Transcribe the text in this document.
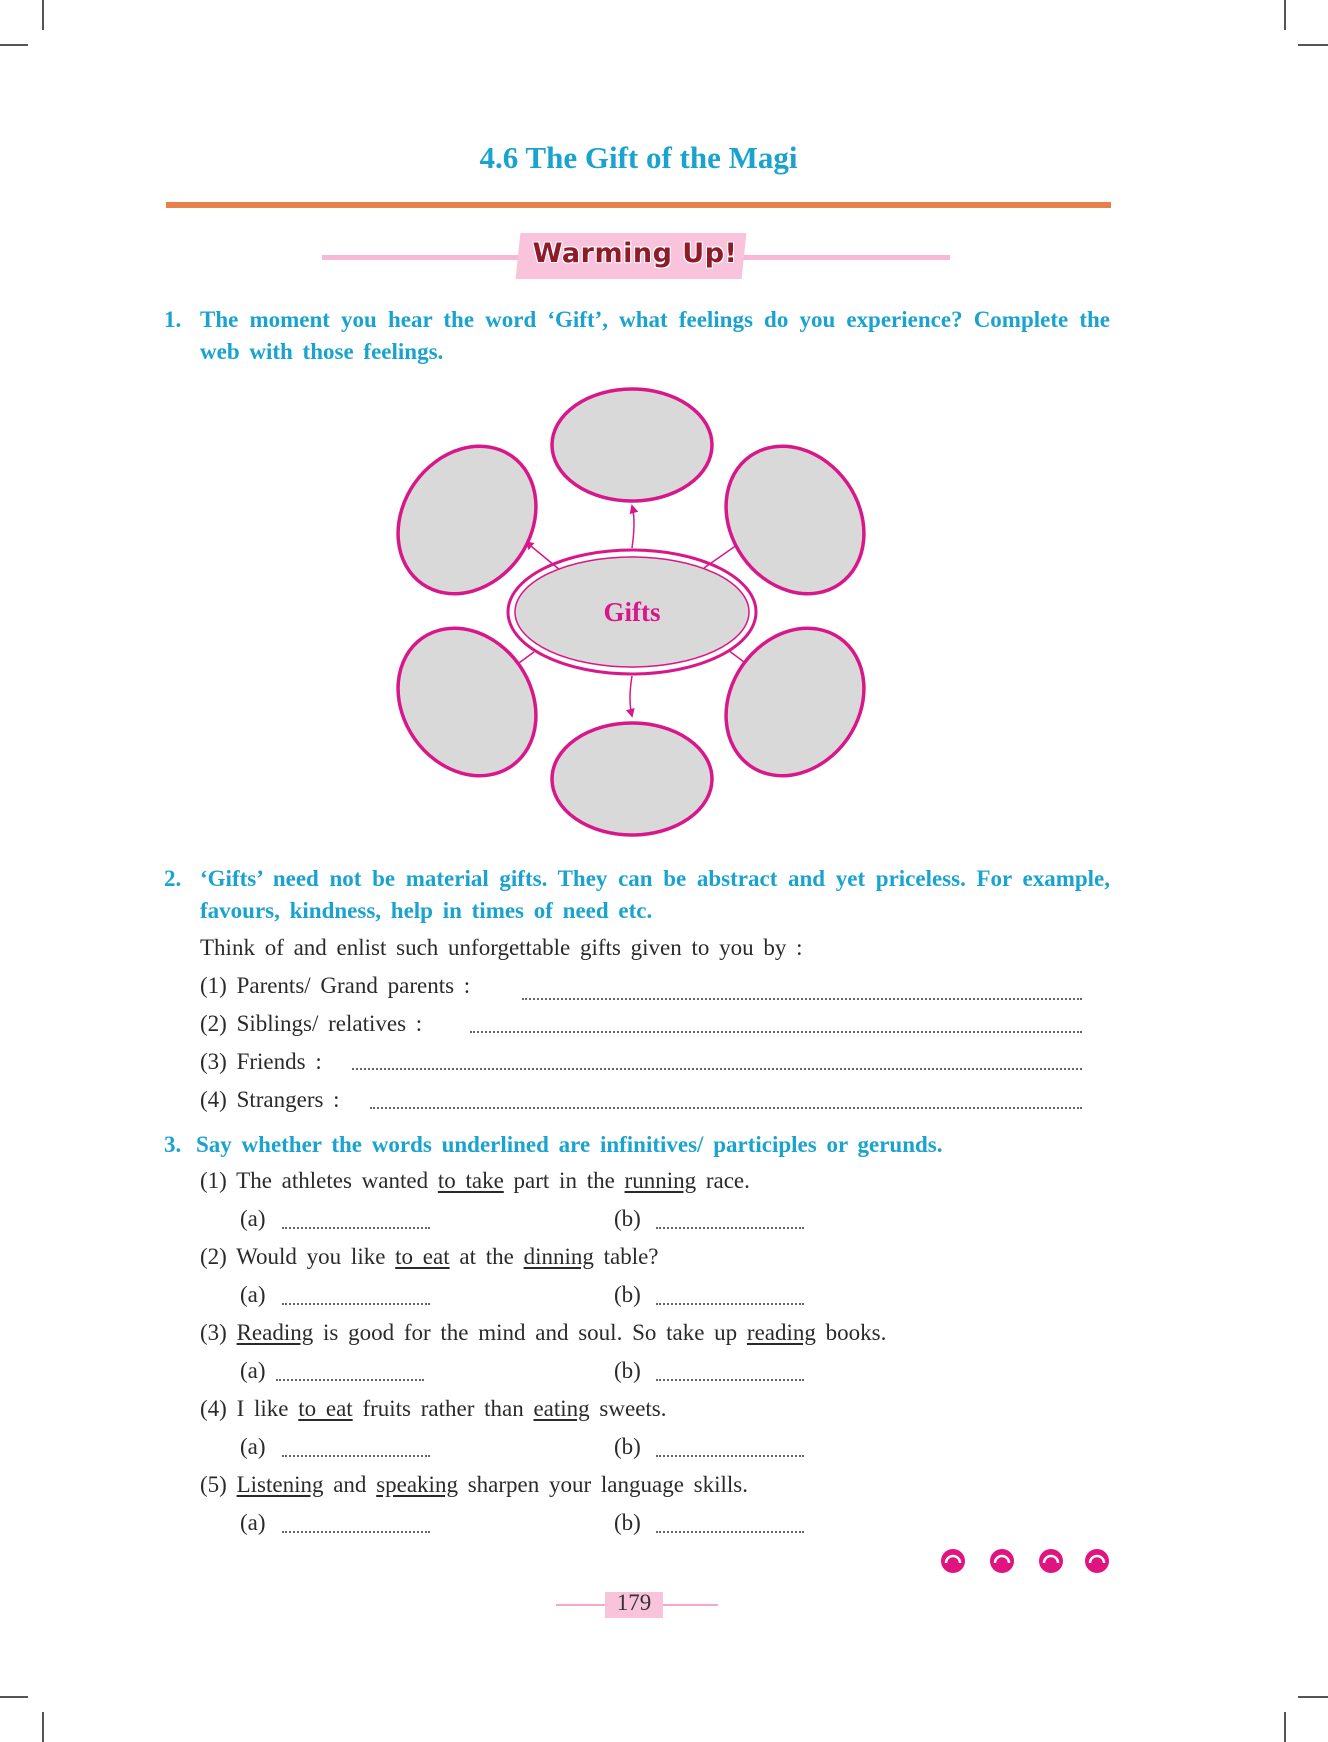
4.6 The Gift of the Magi
Warming Up!
1. The moment you hear the word ‘Gift’, what feelings do you experience? Complete the web with those feelings.
Gifts
2. ‘Gifts’ need not be material gifts. They can be abstract and yet priceless. For example, favours, kindness, help in times of need etc.
Think of and enlist such unforgettable gifts given to you by :
(1) Parents/ Grand parents :
(2) Siblings/ relatives :
(3) Friends :
(4) Strangers :
3. Say whether the words underlined are infinitives/ participles or gerunds.
(1) The athletes wanted to take part in the running race.
(a)	(b)
(2) Would you like to eat at the dinning table?
(a)	(b)
(3) Reading is good for the mind and soul. So take up reading books.
(a)	(b)
(4) I like to eat fruits rather than eating sweets.
(a)	(b)
(5) Listening and speaking sharpen your language skills.
(a)	(b)
179
